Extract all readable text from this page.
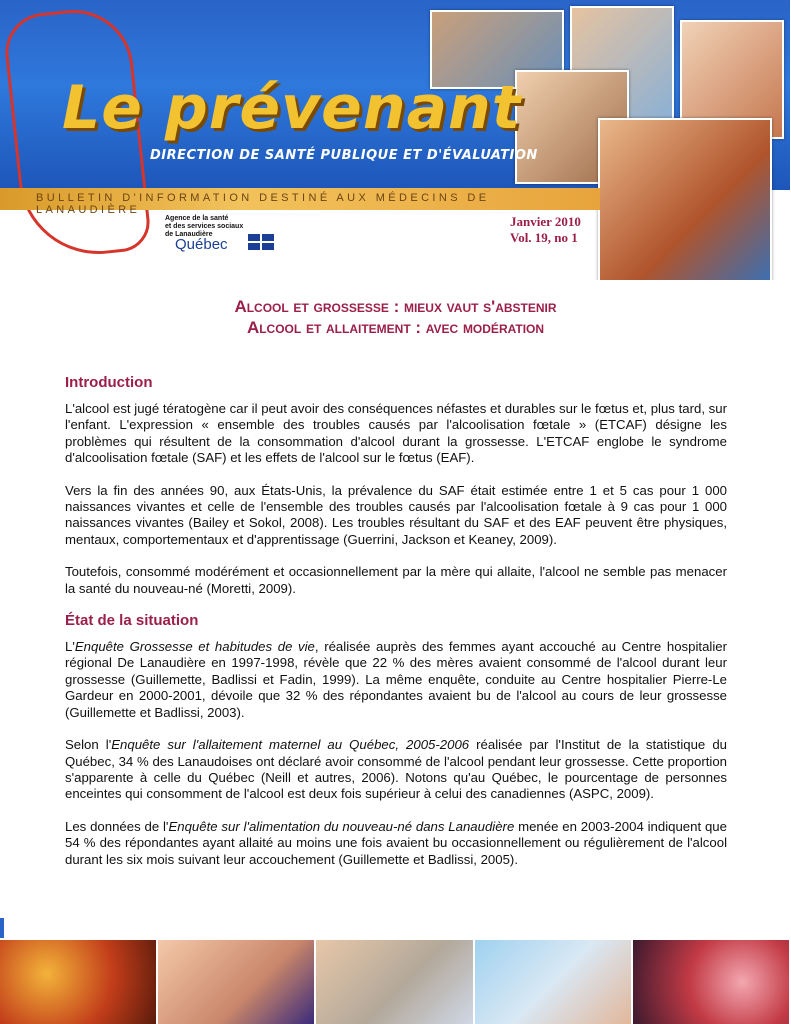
Le prévenant
DIRECTION DE SANTÉ PUBLIQUE ET D'ÉVALUATION
BULLETIN D'INFORMATION DESTINÉ AUX MÉDECINS DE LANAUDIÈRE
Agence de la santé
et des services sociaux
de Lanaudière
Québec
Janvier 2010
Vol. 19, no 1
Alcool et grossesse : mieux vaut s'abstenir
Alcool et allaitement : avec modération
Introduction

L'alcool est jugé tératogène car il peut avoir des conséquences néfastes et durables sur le fœtus et, plus tard, sur l'enfant. L'expression « ensemble des troubles causés par l'alcoolisation fœtale » (ETCAF) désigne les problèmes qui résultent de la consommation d'alcool durant la grossesse. L'ETCAF englobe le syndrome d'alcoolisation fœtale (SAF) et les effets de l'alcool sur le fœtus (EAF).

Vers la fin des années 90, aux États-Unis, la prévalence du SAF était estimée entre 1 et 5 cas pour 1 000 naissances vivantes et celle de l'ensemble des troubles causés par l'alcoolisation fœtale à 9 cas pour 1 000 naissances vivantes (Bailey et Sokol, 2008). Les troubles résultant du SAF et des EAF peuvent être physiques, mentaux, comportementaux et d'apprentissage (Guerrini, Jackson et Keaney, 2009).

Toutefois, consommé modérément et occasionnellement par la mère qui allaite, l'alcool ne semble pas menacer la santé du nouveau-né (Moretti, 2009).

État de la situation

L'Enquête Grossesse et habitudes de vie, réalisée auprès des femmes ayant accouché au Centre hospitalier régional De Lanaudière en 1997-1998, révèle que 22 % des mères avaient consommé de l'alcool durant leur grossesse (Guillemette, Badlissi et Fadin, 1999). La même enquête, conduite au Centre hospitalier Pierre-Le Gardeur en 2000-2001, dévoile que 32 % des répondantes avaient bu de l'alcool au cours de leur grossesse (Guillemette et Badlissi, 2003).

Selon l'Enquête sur l'allaitement maternel au Québec, 2005-2006 réalisée par l'Institut de la statistique du Québec, 34 % des Lanaudoises ont déclaré avoir consommé de l'alcool pendant leur grossesse. Cette proportion s'apparente à celle du Québec (Neill et autres, 2006). Notons qu'au Québec, le pourcentage de personnes enceintes qui consomment de l'alcool est deux fois supérieur à celui des canadiennes (ASPC, 2009).

Les données de l'Enquête sur l'alimentation du nouveau-né dans Lanaudière menée en 2003-2004 indiquent que 54 % des répondantes ayant allaité au moins une fois avaient bu occasionnellement ou régulièrement de l'alcool durant les six mois suivant leur accouchement (Guillemette et Badlissi, 2005).
